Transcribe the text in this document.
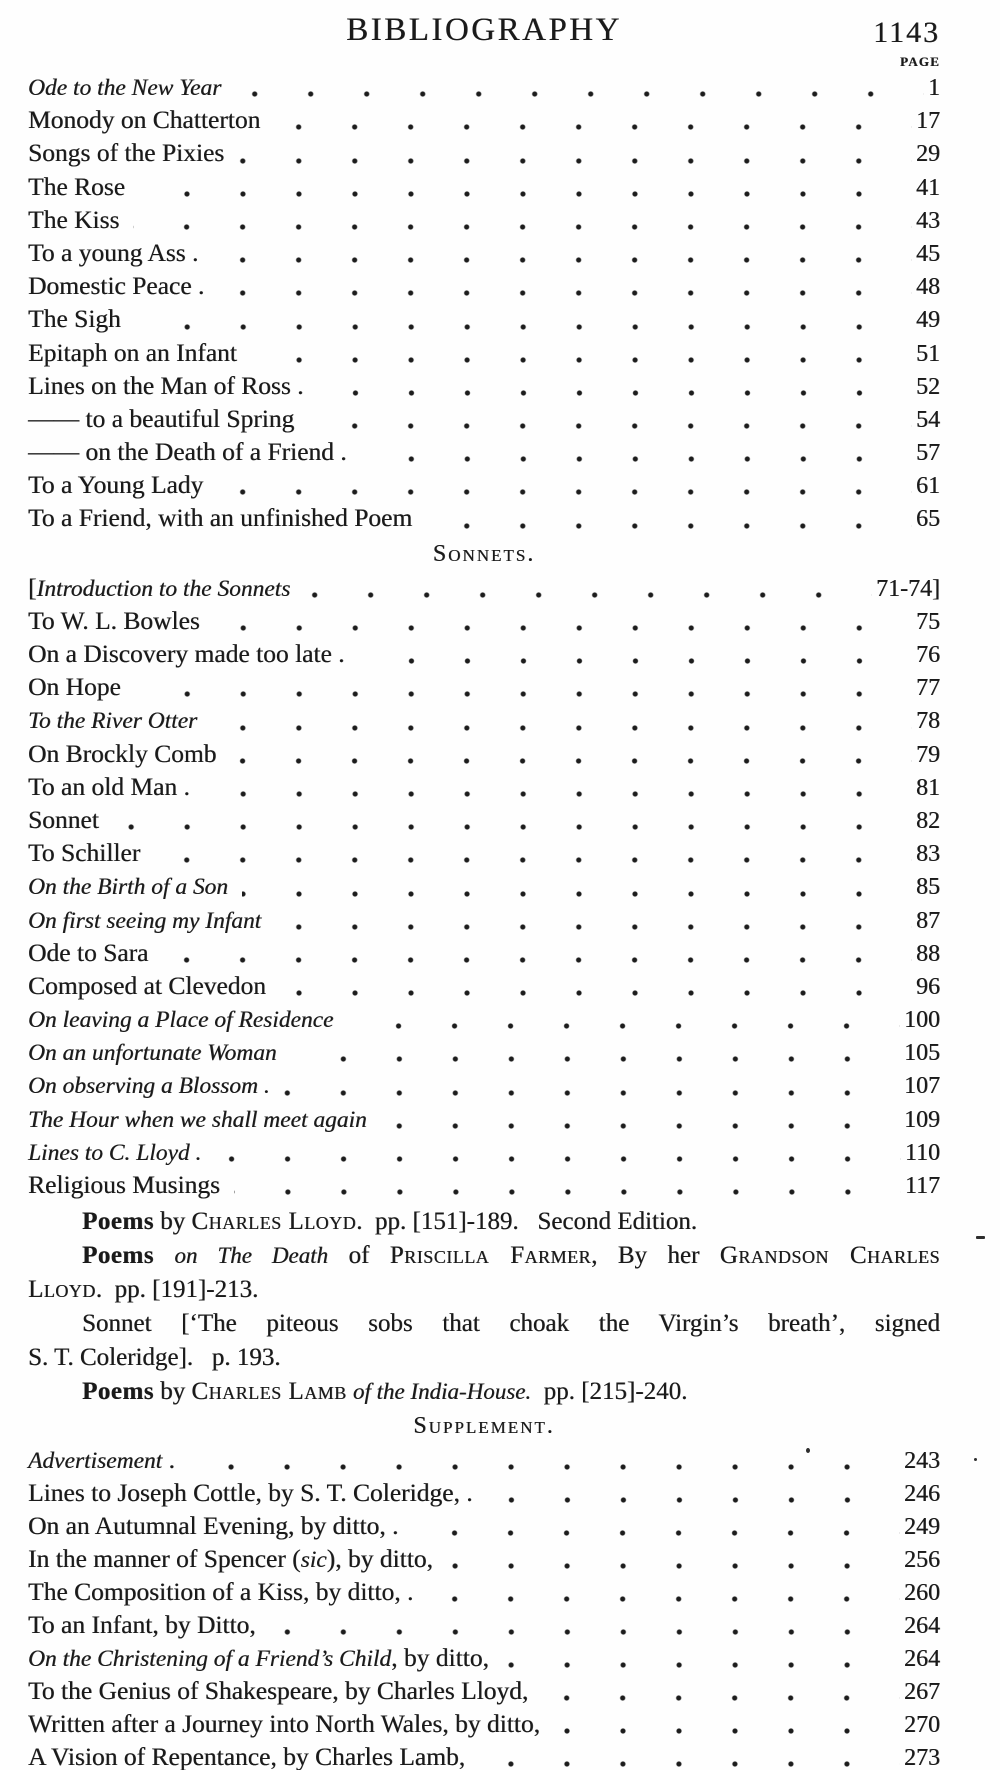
BIBLIOGRAPHY	1143
PAGE
Ode to the New Year	1
Monody on Chatterton	17
Songs of the Pixies	29
The Rose	41
The Kiss	43
To a young Ass .	45
Domestic Peace .	48
The Sigh	49
Epitaph on an Infant	51
Lines on the Man of Ross .	52
—— to a beautiful Spring	54
—— on the Death of a Friend .	57
To a Young Lady	61
To a Friend, with an unfinished Poem	65
Sonnets.
[Introduction to the Sonnets	71-74]
To W. L. Bowles	75
On a Discovery made too late .	76
On Hope	77
To the River Otter	78
On Brockly Comb	79
To an old Man .	81
Sonnet	82
To Schiller	83
On the Birth of a Son	85
On first seeing my Infant	87
Ode to Sara	88
Composed at Clevedon	96
On leaving a Place of Residence	100
On an unfortunate Woman	105
On observing a Blossom .	107
The Hour when we shall meet again	109
Lines to C. Lloyd .	110
Religious Musings	117
Poems by Charles Lloyd.  pp. [151]-189.   Second Edition.
Poems on The Death of Priscilla Farmer, By her Grandson Charles
Lloyd.  pp. [191]-213.
Sonnet [‘The piteous sobs that choak the Virgin’s breath’, signed
S. T. Coleridge].   p. 193.
Poems by Charles Lamb of the India-House.  pp. [215]-240.
Supplement.
Advertisement .	243
Lines to Joseph Cottle, by S. T. Coleridge, .	246
On an Autumnal Evening, by ditto, .	249
In the manner of Spencer (sic), by ditto,	256
The Composition of a Kiss, by ditto, .	260
To an Infant, by Ditto,	264
On the Christening of a Friend’s Child, by ditto,	264
To the Genius of Shakespeare, by Charles Lloyd,	267
Written after a Journey into North Wales, by ditto,	270
A Vision of Repentance, by Charles Lamb,	273
